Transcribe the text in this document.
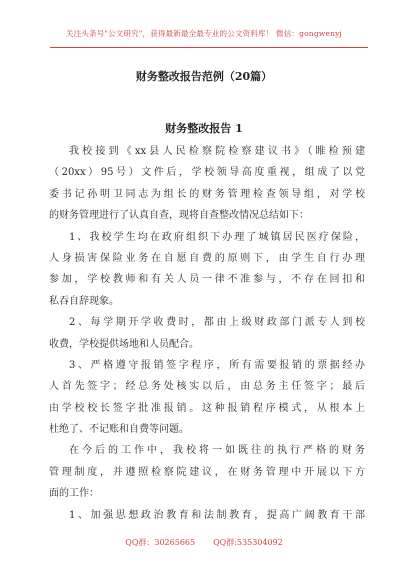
关注头条号"公文研究"，获得最新最全最专业的公文资料库！ 微信：gongwenyj
财务整改报告范例（20篇）
财务整改报告 1
我校接到《xx县人民检察院检察建议书》（睢检预建
（20xx）95号）文件后，学校领导高度重视，组成了以党
委书记孙明卫同志为组长的财务管理检查领导组，对学校
的财务管理进行了认真自查，现将自查整改情况总结如下：
1、我校学生均在政府组织下办理了城镇居民医疗保险，
人身损害保险业务在自愿自费的原则下，由学生自行办理
参加，学校教师和有关人员一律不准参与，不存在回扣和
私吞自辞现象。
2、每学期开学收费时，都由上级财政部门派专人到校
收费，学校提供场地和人员配合。
3、严格遵守报销签字程序，所有需要报销的票据经办
人首先签字；经总务处核实以后，由总务主任签字；最后
由学校校长签字批准报销。这种报销程序模式，从根本上
杜绝了、不记账和自费等问题。
在今后的工作中，我校将一如既往的执行严格的财务
管理制度，并遵照检察院建议，在财务管理中开展以下方
面的工作：
1、加强思想政治教育和法制教育，提高广阔教育干部
QQ群：30265665 QQ群:535304092
